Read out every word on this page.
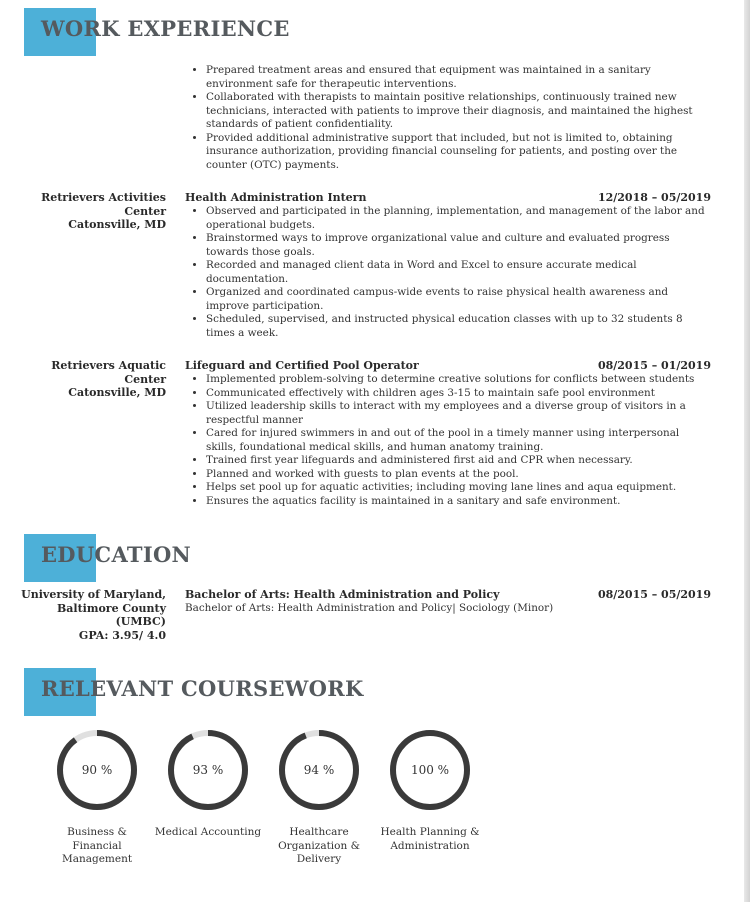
WORK EXPERIENCE
• Prepared treatment areas and ensured that equipment was maintained in a sanitary environment safe for therapeutic interventions.
• Collaborated with therapists to maintain positive relationships, continuously trained new technicians, interacted with patients to improve their diagnosis, and maintained the highest standards of patient confidentiality.
• Provided additional administrative support that included, but not is limited to, obtaining insurance authorization, providing financial counseling for patients, and posting over the counter (OTC) payments.
Retrievers Activities Center
Catonsville, MD
Health Administration Intern	12/2018 – 05/2019
• Observed and participated in the planning, implementation, and management of the labor and operational budgets.
• Brainstormed ways to improve organizational value and culture and evaluated progress towards those goals.
• Recorded and managed client data in Word and Excel to ensure accurate medical documentation.
• Organized and coordinated campus-wide events to raise physical health awareness and improve participation.
• Scheduled, supervised, and instructed physical education classes with up to 32 students 8 times a week.
Retrievers Aquatic Center
Catonsville, MD
Lifeguard and Certified Pool Operator	08/2015 – 01/2019
• Implemented problem-solving to determine creative solutions for conflicts between students
• Communicated effectively with children ages 3-15 to maintain safe pool environment
• Utilized leadership skills to interact with my employees and a diverse group of visitors in a respectful manner
• Cared for injured swimmers in and out of the pool in a timely manner using interpersonal skills, foundational medical skills, and human anatomy training.
• Trained first year lifeguards and administered first aid and CPR when necessary.
• Planned and worked with guests to plan events at the pool.
• Helps set pool up for aquatic activities; including moving lane lines and aqua equipment.
• Ensures the aquatics facility is maintained in a sanitary and safe environment.
EDUCATION
University of Maryland, Baltimore County (UMBC)
GPA: 3.95/ 4.0
Bachelor of Arts: Health Administration and Policy	08/2015 – 05/2019
Bachelor of Arts: Health Administration and Policy| Sociology (Minor)
RELEVANT COURSEWORK
90 %
Business & Financial Management
93 %
Medical Accounting
94 %
Healthcare Organization & Delivery
100 %
Health Planning & Administration
